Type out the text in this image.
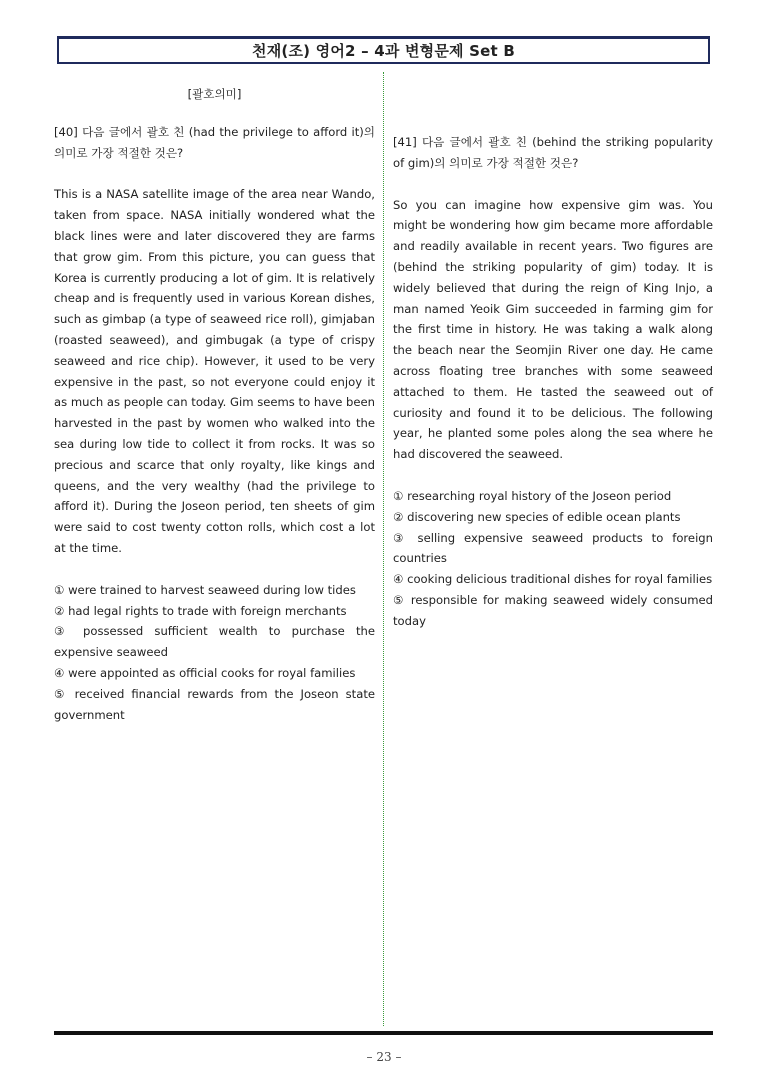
천재(조) 영어2 – 4과 변형문제 Set B
[괄호의미]

[40] 다음 글에서 괄호 친 (had the privilege to afford it)의 의미로 가장 적절한 것은?

This is a NASA satellite image of the area near Wando, taken from space. NASA initially wondered what the black lines were and later discovered they are farms that grow gim. From this picture, you can guess that Korea is currently producing a lot of gim. It is relatively cheap and is frequently used in various Korean dishes, such as gimbap (a type of seaweed rice roll), gimjaban (roasted seaweed), and gimbugak (a type of crispy seaweed and rice chip). However, it used to be very expensive in the past, so not everyone could enjoy it as much as people can today. Gim seems to have been harvested in the past by women who walked into the sea during low tide to collect it from rocks. It was so precious and scarce that only royalty, like kings and queens, and the very wealthy (had the privilege to afford it). During the Joseon period, ten sheets of gim were said to cost twenty cotton rolls, which cost a lot at the time.

① were trained to harvest seaweed during low tides

② had legal rights to trade with foreign merchants

③ possessed sufficient wealth to purchase the expensive seaweed

④ were appointed as official cooks for royal families

⑤ received financial rewards from the Joseon state government

[41] 다음 글에서 괄호 친 (behind the striking popularity of gim)의 의미로 가장 적절한 것은?

So you can imagine how expensive gim was. You might be wondering how gim became more affordable and readily available in recent years. Two figures are (behind the striking popularity of gim) today. It is widely believed that during the reign of King Injo, a man named Yeoik Gim succeeded in farming gim for the first time in history. He was taking a walk along the beach near the Seomjin River one day. He came across floating tree branches with some seaweed attached to them. He tasted the seaweed out of curiosity and found it to be delicious. The following year, he planted some poles along the sea where he had discovered the seaweed.

① researching royal history of the Joseon period

② discovering new species of edible ocean plants

③ selling expensive seaweed products to foreign countries

④ cooking delicious traditional dishes for royal families

⑤ responsible for making seaweed widely consumed today

– 23 –
